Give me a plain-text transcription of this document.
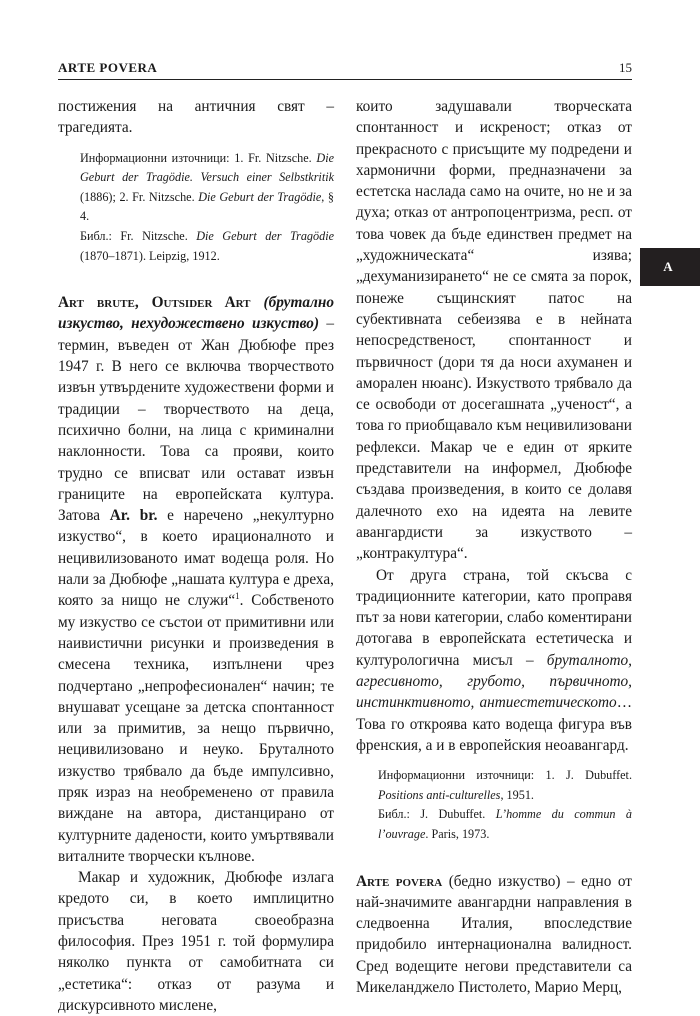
ARTE POVERA	15
А

постижения на античния свят – трагедията.

Информационни източници: 1. Fr. Nitzsche. Die Geburt der Tragödie. Versuch einer Selbstkritik (1886); 2. Fr. Nitzsche. Die Geburt der Tragödie, § 4.

Библ.: Fr. Nitzsche. Die Geburt der Tragödie (1870–1871). Leipzig, 1912.

Art brute, Outsider Art (брутално изкуство, нехудожествено изкуство) – термин, въведен от Жан Дюбюфе през 1947 г. В него се включва творчеството извън утвърдените художествени форми и традиции – творчеството на деца, психично болни, на лица с криминални наклонности. Това са прояви, които трудно се вписват или остават извън границите на европейската култура. Затова Ar. br. е наречено „некултурно изкуство“, в което ирационалното и нецивилизованото имат водеща роля. Но нали за Дюбюфе „нашата култура е дреха, която за нищо не служи“$^1$. Собственото му изкуство се състои от примитивни или наивистични рисунки и произведения в смесена техника, изпълнени чрез подчертано „непрофесионален“ начин; те внушават усещане за детска спонтанност или за примитив, за нещо първично, нецивилизовано и неуко. Бруталното изкуство трябвало да бъде импулсивно, пряк израз на необременено от правила виждане на автора, дистанцирано от културните дадености, които умъртвявали виталните творчески кълнове.

Макар и художник, Дюбюфе излага кредото си, в което имплицитно присъства неговата своеобразна философия. През 1951 г. той формулира няколко пункта от самобитната си „естетика“: отказ от разума и дискурсивното мислене,

които задушавали творческата спонтанност и искреност; отказ от прекрасното с присъщите му подредени и хармонични форми, предназначени за естетска наслада само на очите, но не и за духа; отказ от антропоцентризма, респ. от това човек да бъде единствен предмет на „художническата“ изява; „дехуманизирането“ не се смята за порок, понеже същинският патос на субективната себеизява е в нейната непосредственост, спонтанност и първичност (дори тя да носи ахуманен и аморален нюанс). Изкуството трябвало да се освободи от досегашната „ученост“, а това го приобщавало към нецивилизовани рефлекси. Макар че е един от ярките представители на информел, Дюбюфе създава произведения, в които се долавя далечното ехо на идеята на левите авангардисти за изкуството – „контракултура“.

От друга страна, той скъсва с традиционните категории, като проправя път за нови категории, слабо коментирани дотогава в европейската естетическа и културологична мисъл – бруталното, агресивното, грубото, първичното, инстинктивното, антиестетическото… Това го откроява като водеща фигура във френския, а и в европейския неоавангард.

Информационни източници: 1. J. Dubuffet. Positions anti-culturelles, 1951.

Библ.: J. Dubuffet. L’homme du commun à l’ouvrage. Paris, 1973.

Arte povera (бедно изкуство) – едно от най-значимите авангардни направления в следвоенна Италия, впоследствие придобило интернационална валидност. Сред водещите негови представители са Микеланджело Пистолето, Марио Мерц,
